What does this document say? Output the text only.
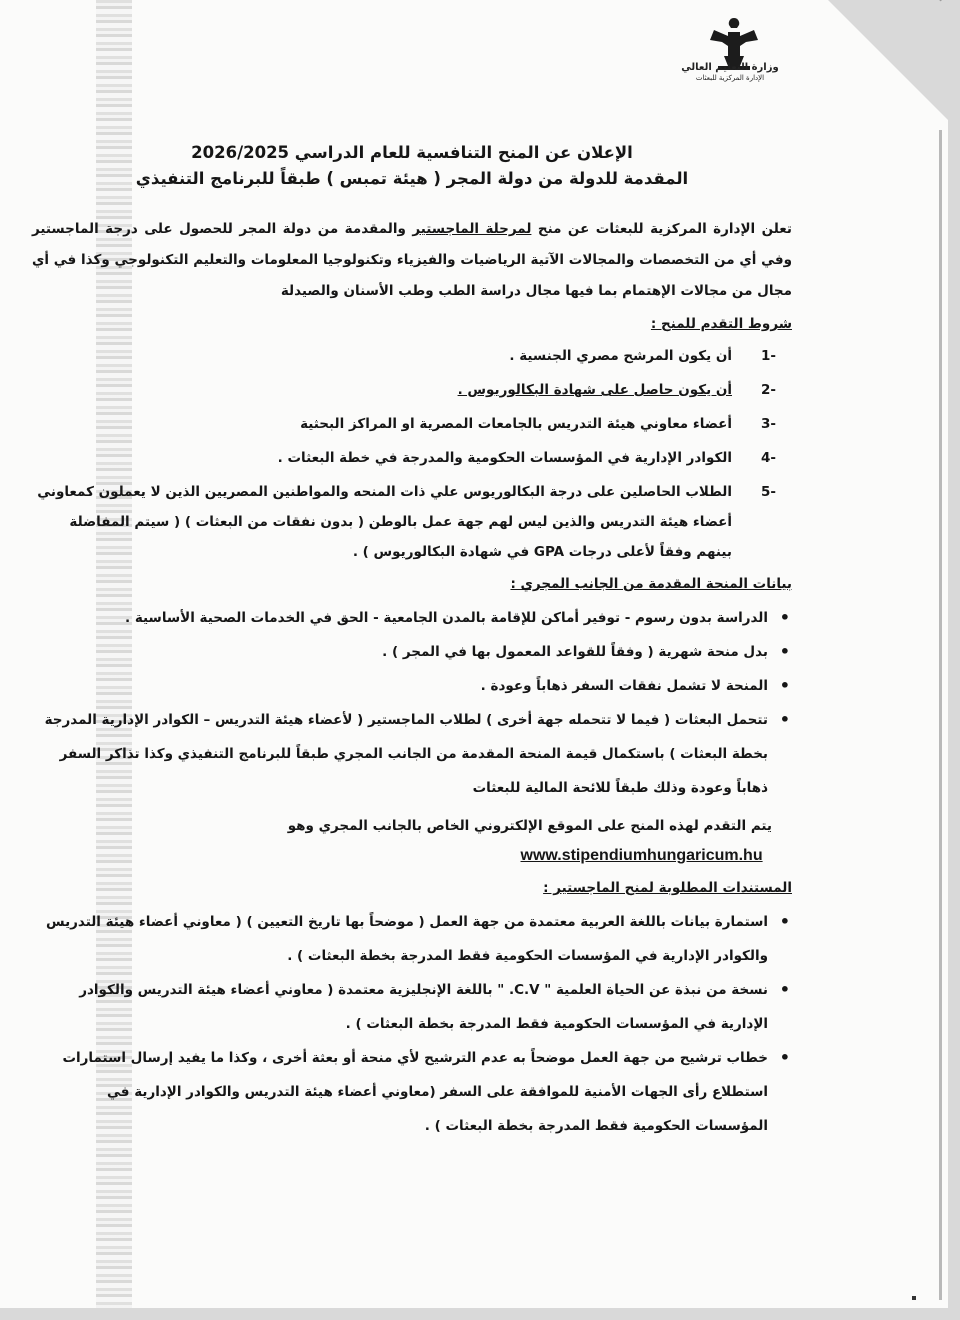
وزارة التعليم العالي
الإدارة المركزية للبعثات

الإعلان عن المنح التنافسية للعام الدراسي 2026/2025

المقدمة للدولة من دولة المجر ( هيئة تمبس ) طبقاً للبرنامج التنفيذي

تعلن الإدارة المركزية للبعثات عن منح لمرحلة الماجستير والمقدمة من دولة المجر للحصول على درجة الماجستير وفي أي من التخصصات والمجالات الآتية الرياضيات والفيزياء وتكنولوجيا المعلومات والتعليم التكنولوجي وكذا في أي مجال من مجالات الإهتمام بما فيها مجال دراسة الطب وطب الأسنان والصيدلة
شروط التقدم للمنح :
-1
أن يكون المرشح مصري الجنسية .
-2
أن يكون حاصل على شهادة البكالوريوس .
-3
أعضاء معاوني هيئة التدريس بالجامعات المصرية او المراكز البحثية
-4
الكوادر الإدارية في المؤسسات الحكومية والمدرجة في خطة البعثات .
-5
الطلاب الحاصلين على درجة البكالوريوس علي ذات المنحه والمواطنين المصريين الذين لا يعملون كمعاوني أعضاء هيئة التدريس والذين ليس لهم جهة عمل بالوطن ( بدون نفقات من البعثات ) ( سيتم المفاضلة بينهم وفقاً لأعلى درجات GPA في شهادة البكالوريوس ) .
بيانات المنحة المقدمة من الجانب المجري :
• الدراسة بدون رسوم - توفير أماكن للإقامة بالمدن الجامعية - الحق في الخدمات الصحية الأساسية .
• بدل منحة شهرية ( وفقاً للقواعد المعمول بها في المجر ) .
• المنحة لا تشمل نفقات السفر ذهاباً وعودة .
• تتحمل البعثات ( فيما لا تتحمله جهة أخرى ) لطلاب الماجستير ( لأعضاء هيئة التدريس – الكوادر الإدارية المدرجة بخطة البعثات ) باستكمال قيمة المنحة المقدمة من الجانب المجري طبقاً للبرنامج التنفيذي وكذا تذاكر السفر ذهاباً وعودة وذلك طبقاً للائحة المالية للبعثات
يتم التقدم لهذه المنح على الموقع الإلكتروني الخاص بالجانب المجري وهو   www.stipendiumhungaricum.hu
المستندات المطلوبة لمنح الماجستير :
• استمارة بيانات باللغة العربية معتمدة من جهة العمل ( موضحاً بها تاريخ التعيين ) ( معاوني أعضاء هيئة التدريس والكوادر الإدارية في المؤسسات الحكومية فقط المدرجة بخطة البعثات ) .
• نسخة من نبذة عن الحياة العلمية " C.V. " باللغة الإنجليزية معتمدة ( معاوني أعضاء هيئة التدريس والكوادر الإدارية في المؤسسات الحكومية فقط المدرجة بخطة البعثات ) .
• خطاب ترشيح من جهة العمل موضحاً به عدم الترشيح لأي منحة أو بعثة أخرى ، وكذا ما يفيد إرسال استمارات استطلاع رأى الجهات الأمنية للموافقة على السفر (معاوني أعضاء هيئة التدريس والكوادر الإدارية في المؤسسات الحكومية فقط المدرجة بخطة البعثات ) .
